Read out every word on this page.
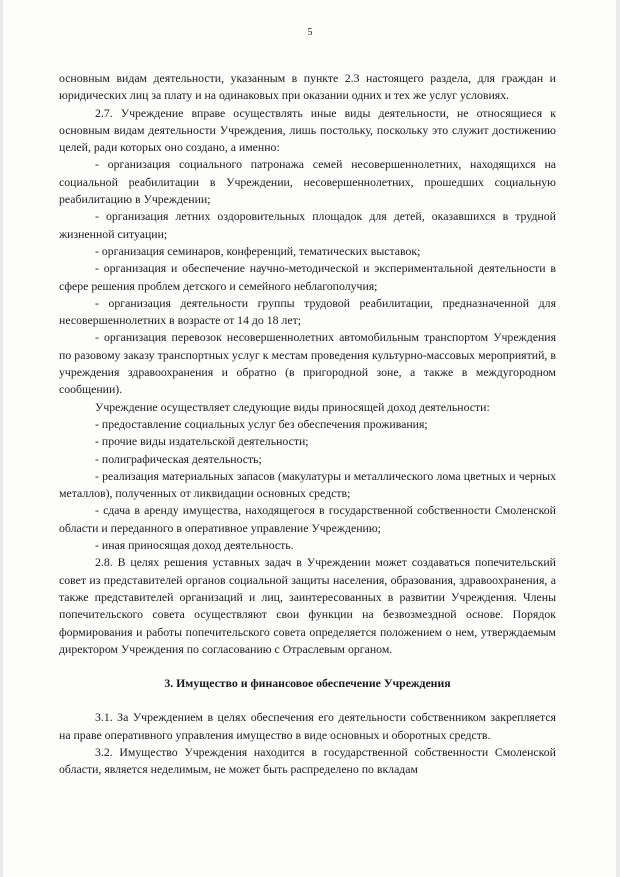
5

основным видам деятельности, указанным в пункте 2.3 настоящего раздела, для граждан и юридических лиц за плату и на одинаковых при оказании одних и тех же услуг условиях.

2.7. Учреждение вправе осуществлять иные виды деятельности, не относящиеся к основным видам деятельности Учреждения, лишь постольку, поскольку это служит достижению целей, ради которых оно создано, а именно:

- организация социального патронажа семей несовершеннолетних, находящихся на социальной реабилитации в Учреждении, несовершеннолетних, прошедших социальную реабилитацию в Учреждении;

- организация летних оздоровительных площадок для детей, оказавшихся в трудной жизненной ситуации;

- организация семинаров, конференций, тематических выставок;

- организация и обеспечение научно-методической и экспериментальной деятельности в сфере решения проблем детского и семейного неблагополучия;

- организация деятельности группы трудовой реабилитации, предназначенной для несовершеннолетних в возрасте от 14 до 18 лет;

- организация перевозок несовершеннолетних автомобильным транспортом Учреждения по разовому заказу транспортных услуг к местам проведения культурно-массовых мероприятий, в учреждения здравоохранения и обратно (в пригородной зоне, а также в междугородном сообщении).

Учреждение осуществляет следующие виды приносящей доход деятельности:

- предоставление социальных услуг без обеспечения проживания;

- прочие виды издательской деятельности;

- полиграфическая деятельность;

- реализация материальных запасов (макулатуры и металлического лома цветных и черных металлов), полученных от ликвидации основных средств;

- сдача в аренду имущества, находящегося в государственной собственности Смоленской области и переданного в оперативное управление Учреждению;

- иная приносящая доход деятельность.

2.8. В целях решения уставных задач в Учреждении может создаваться попечительский совет из представителей органов социальной защиты населения, образования, здравоохранения, а также представителей организаций и лиц, заинтересованных в развитии Учреждения. Члены попечительского совета осуществляют свои функции на безвозмездной основе. Порядок формирования и работы попечительского совета определяется положением о нем, утверждаемым директором Учреждения по согласованию с Отраслевым органом.

3. Имущество и финансовое обеспечение Учреждения

3.1. За Учреждением в целях обеспечения его деятельности собственником закрепляется на праве оперативного управления имущество в виде основных и оборотных средств.

3.2. Имущество Учреждения находится в государственной собственности Смоленской области, является неделимым, не может быть распределено по вкладам
